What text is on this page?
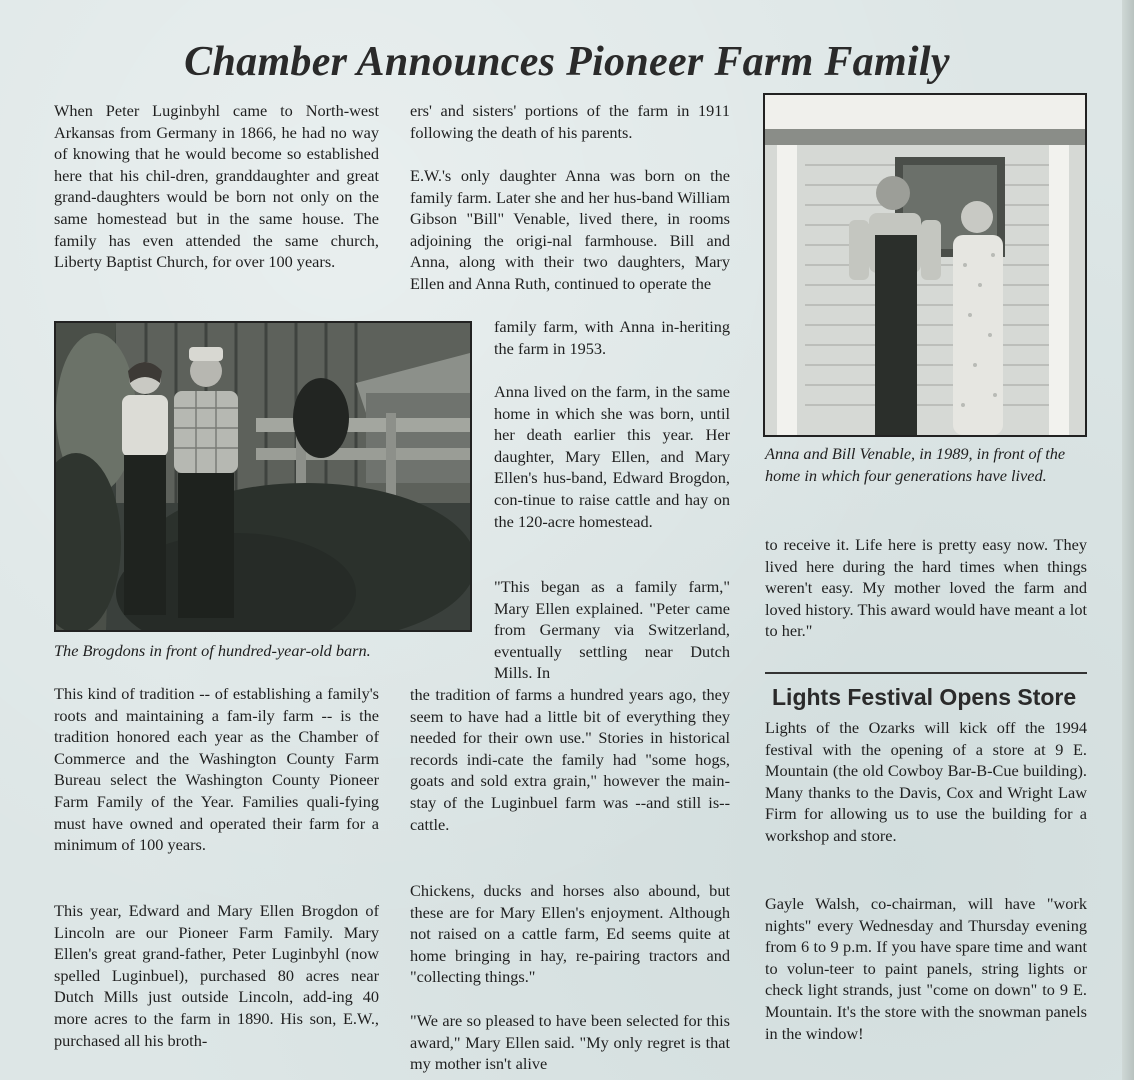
Chamber Announces Pioneer Farm Family

When Peter Luginbyhl came to North-west Arkansas from Germany in 1866, he had no way of knowing that he would become so established here that his chil-dren, granddaughter and great grand-daughters would be born not only on the same homestead but in the same house. The family has even attended the same church, Liberty Baptist Church, for over 100 years.

The Brogdons in front of hundred-year-old barn.

This kind of tradition -- of establishing a family's roots and maintaining a fam-ily farm -- is the tradition honored each year as the Chamber of Commerce and the Washington County Farm Bureau select the Washington County Pioneer Farm Family of the Year. Families quali-fying must have owned and operated their farm for a minimum of 100 years.

This year, Edward and Mary Ellen Brogdon of Lincoln are our Pioneer Farm Family. Mary Ellen's great grand-father, Peter Luginbyhl (now spelled Luginbuel), purchased 80 acres near Dutch Mills just outside Lincoln, add-ing 40 more acres to the farm in 1890. His son, E.W., purchased all his broth-

ers' and sisters' portions of the farm in 1911 following the death of his parents.

E.W.'s only daughter Anna was born on the family farm. Later she and her hus-band William Gibson "Bill" Venable, lived there, in rooms adjoining the origi-nal farmhouse. Bill and Anna, along with their two daughters, Mary Ellen and Anna Ruth, continued to operate the

family farm, with Anna in-heriting the farm in 1953.

Anna lived on the farm, in the same home in which she was born, until her death earlier this year. Her daughter, Mary Ellen, and Mary Ellen's hus-band, Edward Brogdon, con-tinue to raise cattle and hay on the 120-acre homestead.

"This began as a family farm," Mary Ellen explained. "Peter came from Germany via Switzerland, eventually settling near Dutch Mills. In

the tradition of farms a hundred years ago, they seem to have had a little bit of everything they needed for their own use." Stories in historical records indi-cate the family had "some hogs, goats and sold extra grain," however the main-stay of the Luginbuel farm was --and still is--cattle.

Chickens, ducks and horses also abound, but these are for Mary Ellen's enjoyment. Although not raised on a cattle farm, Ed seems quite at home bringing in hay, re-pairing tractors and "collecting things."

"We are so pleased to have been selected for this award," Mary Ellen said. "My only regret is that my mother isn't alive

Anna and Bill Venable, in 1989, in front of the home in which four generations have lived.

to receive it. Life here is pretty easy now. They lived here during the hard times when things weren't easy. My mother loved the farm and loved history. This award would have meant a lot to her."

Lights Festival Opens Store

Lights of the Ozarks will kick off the 1994 festival with the opening of a store at 9 E. Mountain (the old Cowboy Bar-B-Cue building). Many thanks to the Davis, Cox and Wright Law Firm for allowing us to use the building for a workshop and store.

Gayle Walsh, co-chairman, will have "work nights" every Wednesday and Thursday evening from 6 to 9 p.m. If you have spare time and want to volun-teer to paint panels, string lights or check light strands, just "come on down" to 9 E. Mountain. It's the store with the snowman panels in the window!
